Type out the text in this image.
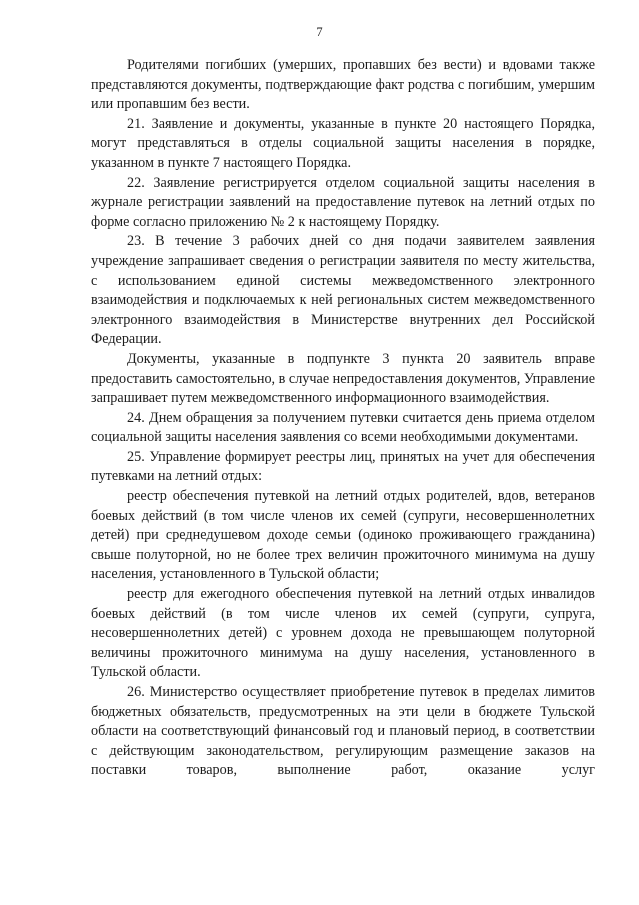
7

Родителями погибших (умерших, пропавших без вести) и вдовами также представляются документы, подтверждающие факт родства с погибшим, умершим или пропавшим без вести.

21. Заявление и документы, указанные в пункте 20 настоящего Порядка, могут представляться в отделы социальной защиты населения в порядке, указанном в пункте 7 настоящего Порядка.

22. Заявление регистрируется отделом социальной защиты населения в журнале регистрации заявлений на предоставление путевок на летний отдых по форме согласно приложению № 2 к настоящему Порядку.

23. В течение 3 рабочих дней со дня подачи заявителем заявления учреждение запрашивает сведения о регистрации заявителя по месту жительства, с использованием единой системы межведомственного электронного взаимодействия и подключаемых к ней региональных систем межведомственного электронного взаимодействия в Министерстве внутренних дел Российской Федерации.

Документы, указанные в подпункте 3 пункта 20 заявитель вправе предоставить самостоятельно, в случае непредоставления документов, Управление запрашивает путем межведомственного информационного взаимодействия.

24. Днем обращения за получением путевки считается день приема отделом социальной защиты населения заявления со всеми необходимыми документами.

25. Управление формирует реестры лиц, принятых на учет для обеспечения путевками на летний отдых:

реестр обеспечения путевкой на летний отдых родителей, вдов, ветеранов боевых действий (в том числе членов их семей (супруги, несовершеннолетних детей) при среднедушевом доходе семьи (одиноко проживающего гражданина) свыше полуторной, но не более трех величин прожиточного минимума на душу населения, установленного в Тульской области;

реестр для ежегодного обеспечения путевкой на летний отдых инвалидов боевых действий (в том числе членов их семей (супруги, супруга, несовершеннолетних детей) с уровнем дохода не превышающем полуторной величины прожиточного минимума на душу населения, установленного в Тульской области.

26. Министерство осуществляет приобретение путевок в пределах лимитов бюджетных обязательств, предусмотренных на эти цели в бюджете Тульской области на соответствующий финансовый год и плановый период, в соответствии с действующим законодательством, регулирующим размещение заказов на поставки товаров, выполнение работ, оказание услуг
